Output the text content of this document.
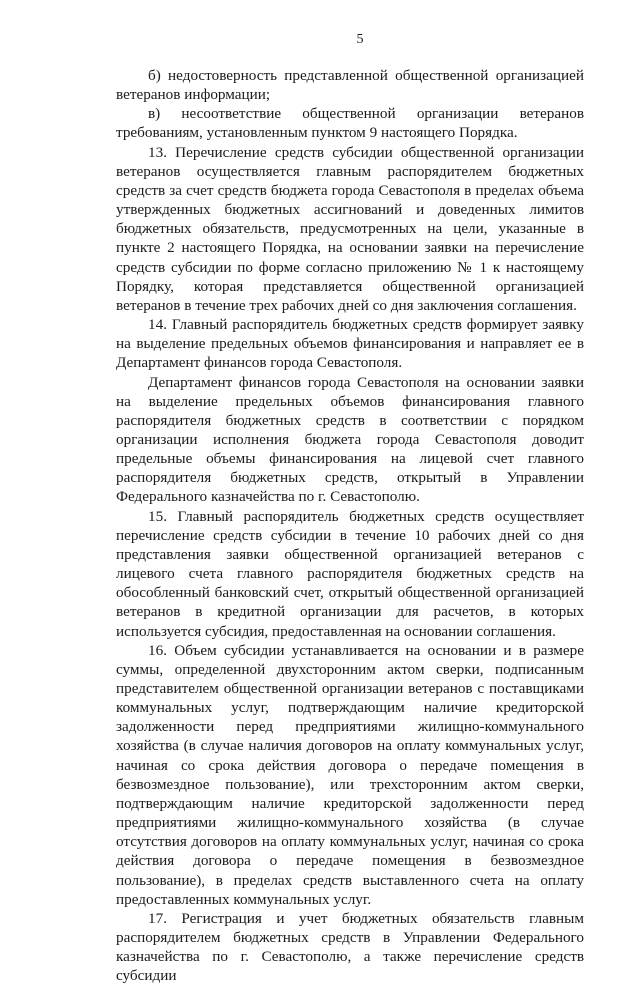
5

б) недостоверность представленной общественной организацией ветеранов информации;

в) несоответствие общественной организации ветеранов требованиям, установленным пунктом 9 настоящего Порядка.

13. Перечисление средств субсидии общественной организации ветеранов осуществляется главным распорядителем бюджетных средств за счет средств бюджета города Севастополя в пределах объема утвержденных бюджетных ассигнований и доведенных лимитов бюджетных обязательств, предусмотренных на цели, указанные в пункте 2 настоящего Порядка, на основании заявки на перечисление средств субсидии по форме согласно приложению № 1 к настоящему Порядку, которая представляется общественной организацией ветеранов в течение трех рабочих дней со дня заключения соглашения.

14. Главный распорядитель бюджетных средств формирует заявку на выделение предельных объемов финансирования и направляет ее в Департамент финансов города Севастополя.

Департамент финансов города Севастополя на основании заявки на выделение предельных объемов финансирования главного распорядителя бюджетных средств в соответствии с порядком организации исполнения бюджета города Севастополя доводит предельные объемы финансирования на лицевой счет главного распорядителя бюджетных средств, открытый в Управлении Федерального казначейства по г. Севастополю.

15. Главный распорядитель бюджетных средств осуществляет перечисление средств субсидии в течение 10 рабочих дней со дня представления заявки общественной организацией ветеранов с лицевого счета главного распорядителя бюджетных средств на обособленный банковский счет, открытый общественной организацией ветеранов в кредитной организации для расчетов, в которых используется субсидия, предоставленная на основании соглашения.

16. Объем субсидии устанавливается на основании и в размере суммы, определенной двухсторонним актом сверки, подписанным представителем общественной организации ветеранов с поставщиками коммунальных услуг, подтверждающим наличие кредиторской задолженности перед предприятиями жилищно-коммунального хозяйства (в случае наличия договоров на оплату коммунальных услуг, начиная со срока действия договора о передаче помещения в безвозмездное пользование), или трехсторонним актом сверки, подтверждающим наличие кредиторской задолженности перед предприятиями жилищно-коммунального хозяйства (в случае отсутствия договоров на оплату коммунальных услуг, начиная со срока действия договора о передаче помещения в безвозмездное пользование), в пределах средств выставленного счета на оплату предоставленных коммунальных услуг.

17. Регистрация и учет бюджетных обязательств главным распорядителем бюджетных средств в Управлении Федерального казначейства по г. Севастополю, а также перечисление средств субсидии
